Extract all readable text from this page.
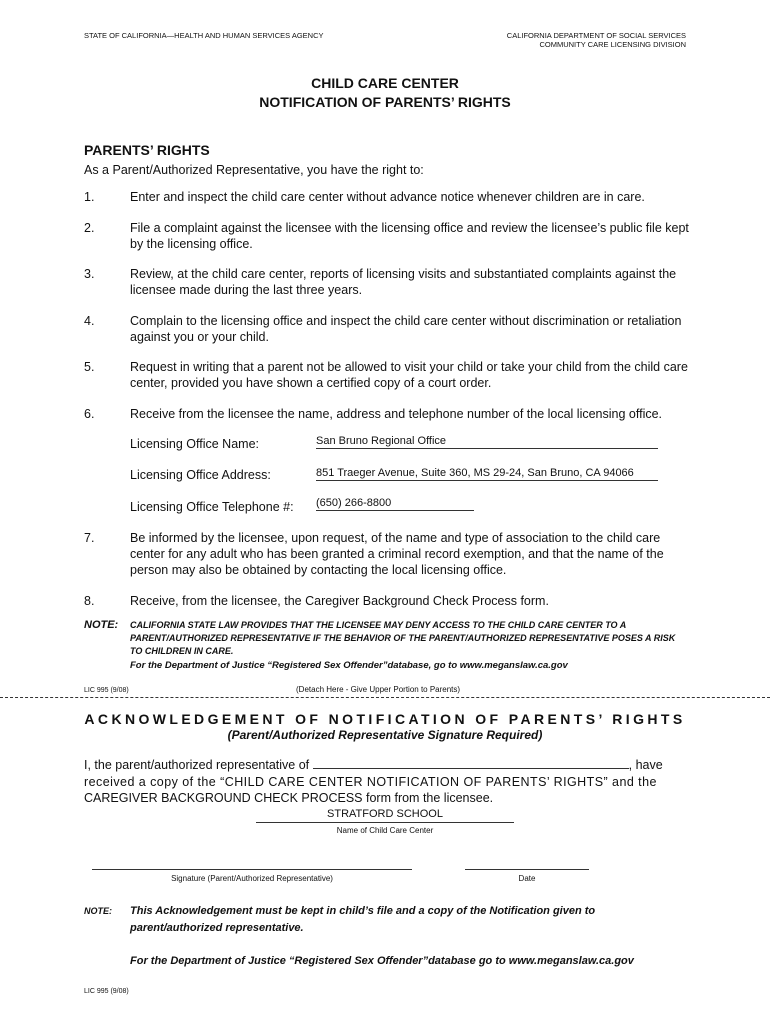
STATE OF CALIFORNIA—HEALTH AND HUMAN SERVICES AGENCY	CALIFORNIA DEPARTMENT OF SOCIAL SERVICES
COMMUNITY CARE LICENSING DIVISION
CHILD CARE CENTER
NOTIFICATION OF PARENTS’ RIGHTS
PARENTS’ RIGHTS
As a Parent/Authorized Representative, you have the right to:
1.	Enter and inspect the child care center without advance notice whenever children are in care.
2.	File a complaint against the licensee with the licensing office and review the licensee’s public file kept by the licensing office.
3.	Review, at the child care center, reports of licensing visits and substantiated complaints against the licensee made during the last three years.
4.	Complain to the licensing office and inspect the child care center without discrimination or retaliation against you or your child.
5.	Request in writing that a parent not be allowed to visit your child or take your child from the child care center, provided you have shown a certified copy of a court order.
6.	Receive from the licensee the name, address and telephone number of the local licensing office.
Licensing Office Name:	San Bruno Regional Office
Licensing Office Address:	851 Traeger Avenue, Suite 360, MS 29-24, San Bruno, CA 94066
Licensing Office Telephone #: (650) 266-8800
7.	Be informed by the licensee, upon request, of the name and type of association to the child care center for any adult who has been granted a criminal record exemption, and that the name of the person may also be obtained by contacting the local licensing office.
8.	Receive, from the licensee, the Caregiver Background Check Process form.
NOTE: CALIFORNIA STATE LAW PROVIDES THAT THE LICENSEE MAY DENY ACCESS TO THE CHILD CARE CENTER TO A PARENT/AUTHORIZED REPRESENTATIVE IF THE BEHAVIOR OF THE PARENT/AUTHORIZED REPRESENTATIVE POSES A RISK TO CHILDREN IN CARE.
For the Department of Justice “Registered Sex Offender”database, go to www.meganslaw.ca.gov
LIC 995 (9/08)	(Detach Here - Give Upper Portion to Parents)
ACKNOWLEDGEMENT OF NOTIFICATION OF PARENTS’ RIGHTS
(Parent/Authorized Representative Signature Required)
I, the parent/authorized representative of	, have
received a copy of the “CHILD CARE CENTER NOTIFICATION OF PARENTS’ RIGHTS” and the
CAREGIVER BACKGROUND CHECK PROCESS form from the licensee.
STRATFORD SCHOOL
Name of Child Care Center
Signature (Parent/Authorized Representative)	Date
NOTE: This Acknowledgement must be kept in child’s file and a copy of the Notification given to parent/authorized representative.
For the Department of Justice “Registered Sex Offender”database go to www.meganslaw.ca.gov
LIC 995 (9/08)
